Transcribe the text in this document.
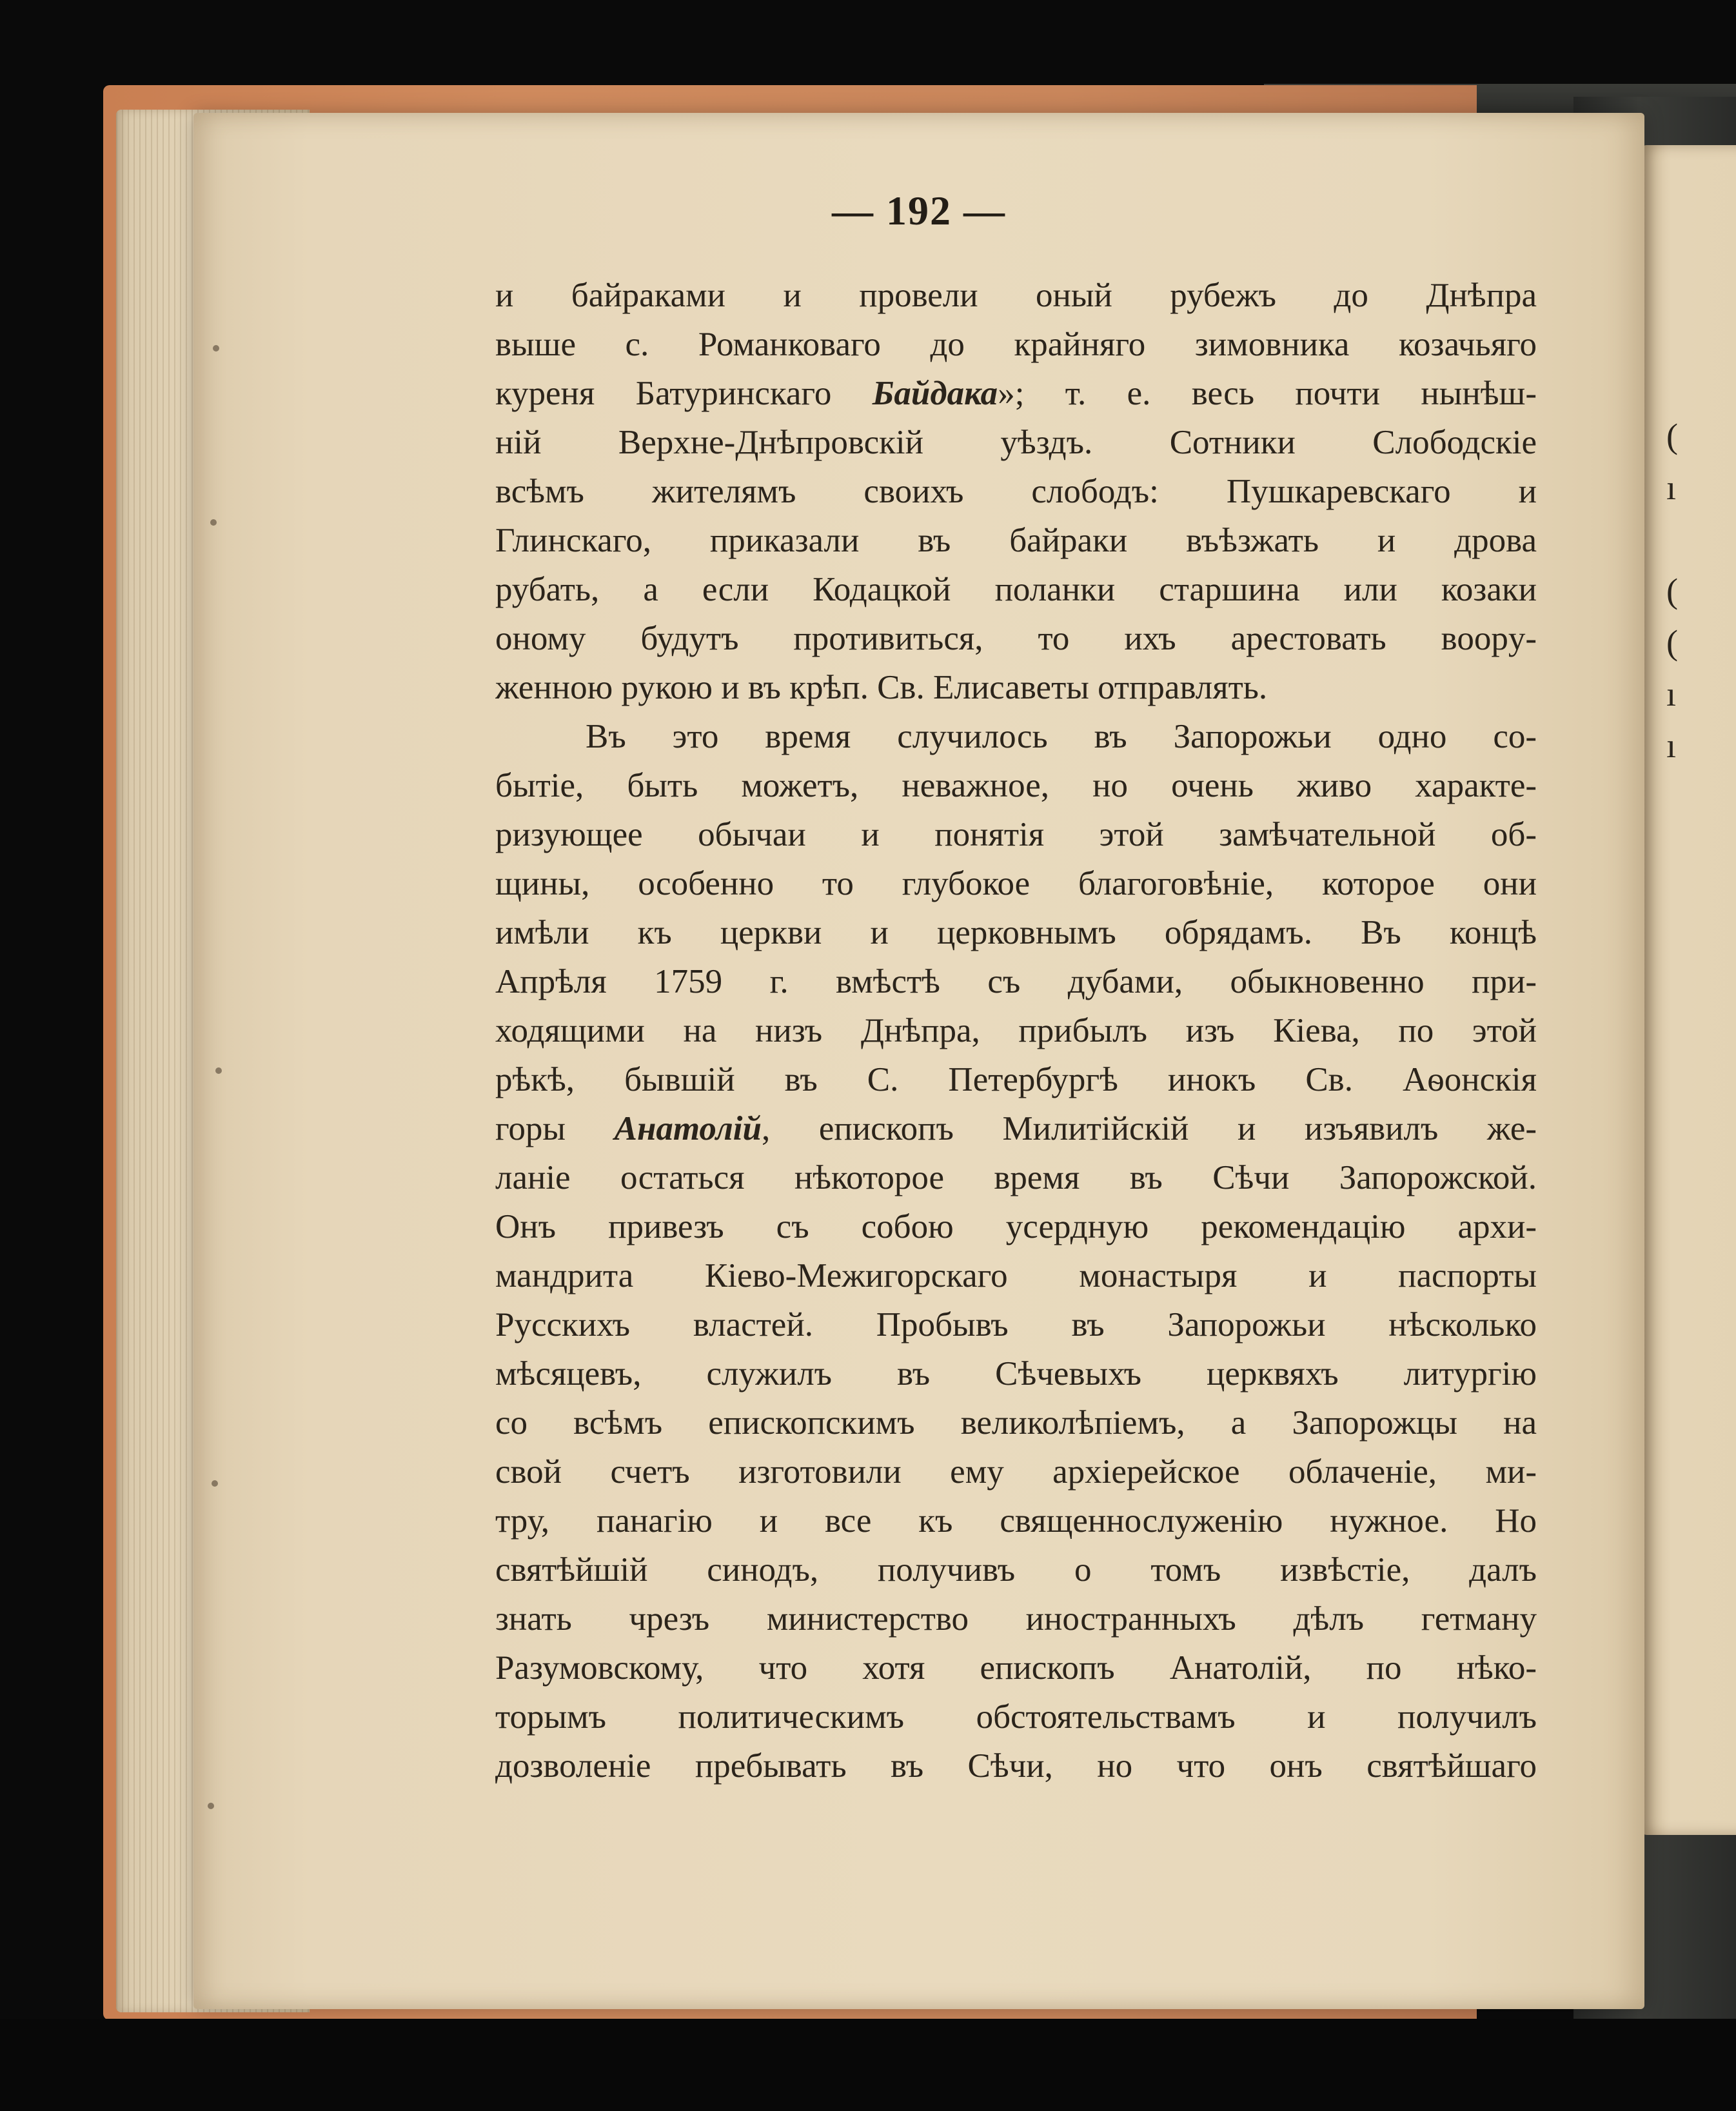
(
ı
(
(
ı
ı
— 192 —
и байраками и провели оный рубежъ до Днѣпра
выше с. Романковаго до крайняго зимовника козачьяго
куреня Батуринскаго Байдака»; т. е. весь почти нынѣш-
нiй Верхне-Днѣпровскiй уѣздъ. Сотники Слободскiе
всѣмъ жителямъ своихъ слободъ: Пушкаревскаго и
Глинскаго, приказали въ байраки въѣзжать и дрова
рубать, а если Кодацкой поланки старшина или козаки
оному будутъ противиться, то ихъ арестовать вооpу-
женною рукою и въ крѣп. Св. Елисаветы отправлять.
Въ это время случилось въ Запорожьи одно со-
бытiе, быть можетъ, неважное, но очень живо характе-
ризующее обычаи и понятiя этой замѣчательной об-
щины, особенно то глубокое благоговѣнiе, которое они
имѣли къ церкви и церковнымъ обрядамъ. Въ концѣ
Апрѣля 1759 г. вмѣстѣ съ дубами, обыкновенно при-
ходящими на низъ Днѣпра, прибылъ изъ Кiева, по этой
рѣкѣ, бывшiй въ С. Петербургѣ инокъ Св. Аѳонскiя
горы Анатолiй, епископъ Милитiйскiй и изъявилъ же-
ланiе остаться нѣкоторое время въ Сѣчи Запорожской.
Онъ привезъ съ собою усердную рекомендацiю архи-
мандрита Кiево-Межигорскаго монастыря и паспорты
Русскихъ властей. Пробывъ въ Запорожьи нѣсколько
мѣсяцевъ, служилъ въ Сѣчевыхъ церквяхъ литургiю
со всѣмъ епископскимъ великолѣпiемъ, а Запорожцы на
свой счетъ изготовили ему архiерейское облаченiе, ми-
тру, панагiю и все къ священнослуженiю нужное. Но
святѣйшiй синодъ, получивъ о томъ извѣстiе, далъ
знать чрезъ министерство иностранныхъ дѣлъ гетману
Разумовскому, что хотя епископъ Анатолiй, по нѣко-
торымъ политическимъ обстоятельствамъ и получилъ
дозволенiе пребывать въ Сѣчи, но что онъ святѣйшаго
